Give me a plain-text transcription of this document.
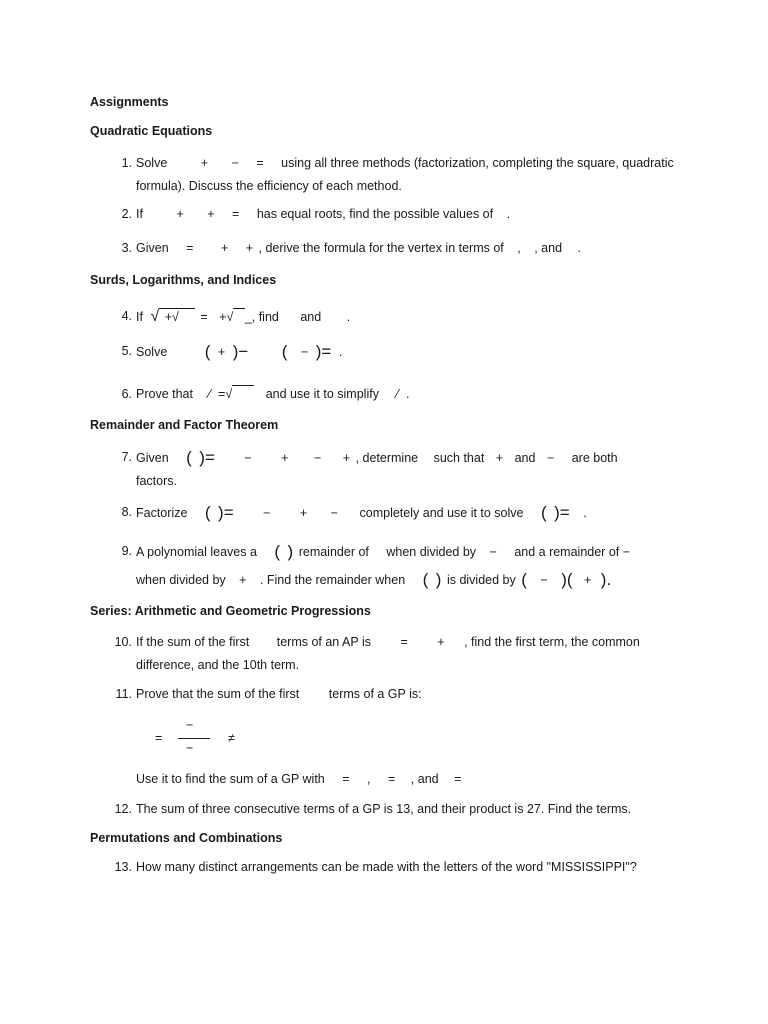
Assignments
Quadratic Equations
1. Solve	+ − = using all three methods (factorization, completing the square, quadratic
formula). Discuss the efficiency of each method.
2. If	+ + = has equal roots, find the possible values of .
3. Given = + + , derive the formula for the vertex in terms of , , and .
Surds, Logarithms, and Indices
4. If √ +√ = +√ _, find and .
5. Solve ( + )− ( − )= .
6. Prove that ⁄ =√	and use it to simplify ⁄ .
Remainder and Factor Theorem
7. Given ( )= − + − + , determine such that + and − are both
factors.
8. Factorize ( )= − + − completely and use it to solve ( )= .
9. A polynomial leaves a ( ) remainder of when divided by − and a remainder of −
when divided by + . Find the remainder when ( ) is divided by ( − )( + ).
Series: Arithmetic and Geometric Progressions
10. If the sum of the first terms of an AP is = + , find the first term, the common
difference, and the 10th term.
11. Prove that the sum of the first terms of a GP is:
=
−
−
≠
Use it to find the sum of a GP with = , = , and =
12. The sum of three consecutive terms of a GP is 13, and their product is 27. Find the terms.
Permutations and Combinations
13. How many distinct arrangements can be made with the letters of the word "MISSISSIPPI"?
